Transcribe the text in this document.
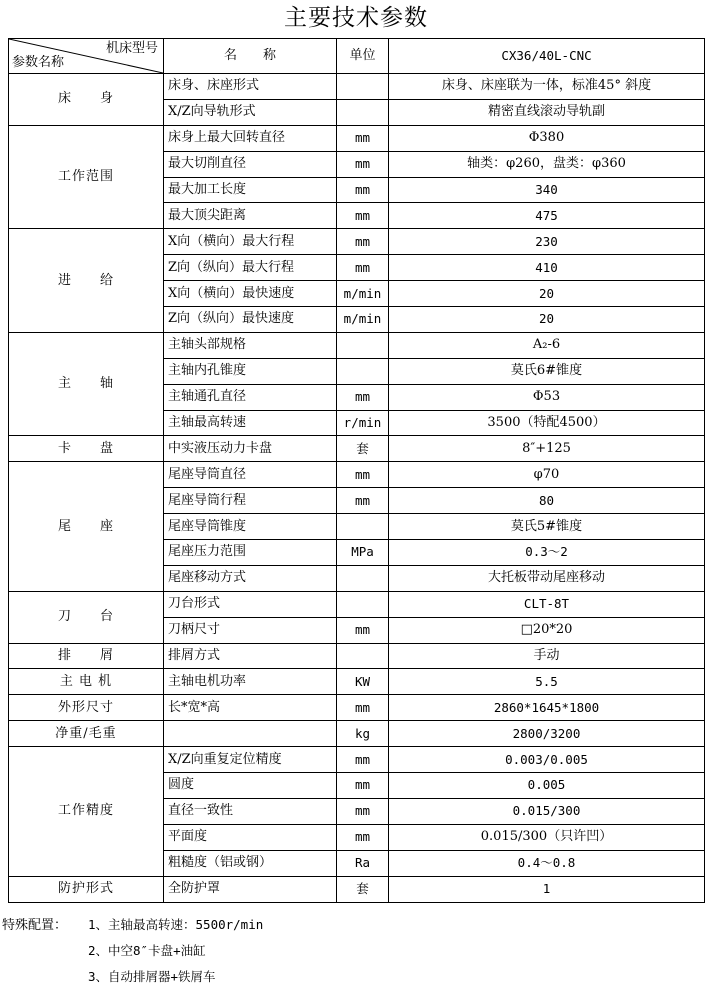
主要技术参数
机床型号
参数名称	名　　称	单位	CX36/40L-CNC
床　　身	床身、床座形式		床身、床座联为一体，标准45° 斜度
	X/Z向导轨形式		精密直线滚动导轨副
工作范围	床身上最大回转直径	mm	Φ380
	最大切削直径	mm	轴类：φ260，盘类：φ360
	最大加工长度	mm	340
	最大顶尖距离	mm	475
进　　给	X向（横向）最大行程	mm	230
	Z向（纵向）最大行程	mm	410
	X向（横向）最快速度	m/min	20
	Z向（纵向）最快速度	m/min	20
主　　轴	主轴头部规格		A₂-6
	主轴内孔锥度		莫氏6#锥度
	主轴通孔直径	mm	Φ53
	主轴最高转速	r/min	3500（特配4500）
卡　　盘	中实液压动力卡盘	套	8″+125
尾　　座	尾座导筒直径	mm	φ70
	尾座导筒行程	mm	80
	尾座导筒锥度		莫氏5#锥度
	尾座压力范围	MPa	0.3～2
	尾座移动方式		大托板带动尾座移动
刀　　台	刀台形式		CLT-8T
	刀柄尺寸	mm	□20*20
排　　屑	排屑方式		手动
主 电 机	主轴电机功率	KW	5.5
外形尺寸	长*宽*高	mm	2860*1645*1800
净重/毛重		kg	2800/3200
工作精度	X/Z向重复定位精度	mm	0.003/0.005
	圆度	mm	0.005
	直径一致性	mm	0.015/300
	平面度	mm	0.015/300（只许凹）
	粗糙度（铝或钢）	Ra	0.4～0.8
防护形式	全防护罩	套	1
特殊配置： 1、主轴最高转速：5500r/min
2、中空8″卡盘+油缸
3、自动排屑器+铁屑车
